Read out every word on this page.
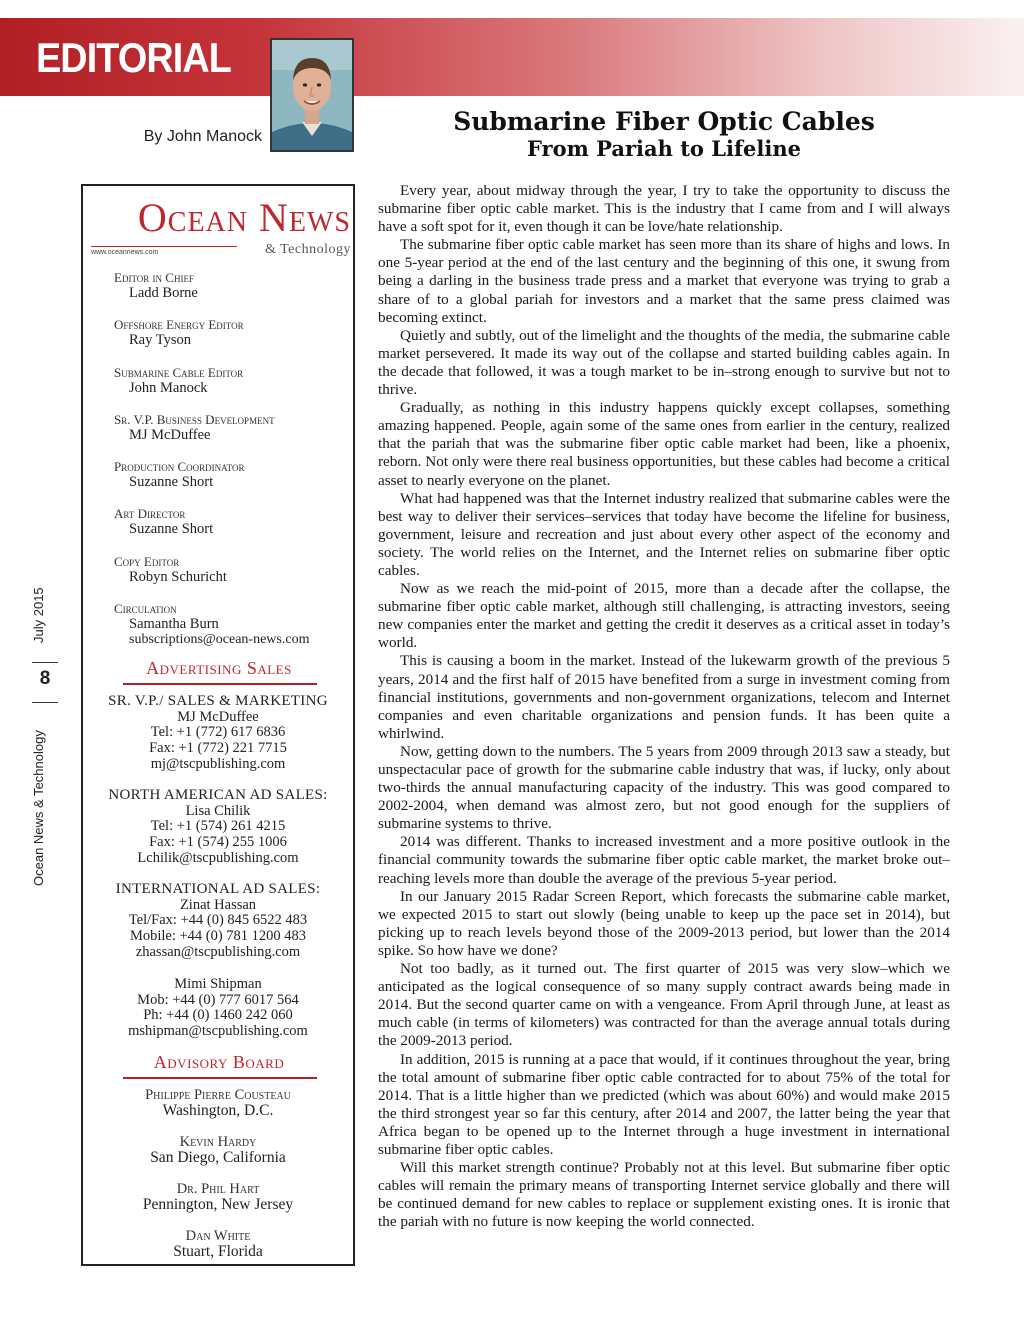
EDITORIAL
By John Manock
Submarine Fiber Optic Cables
From Pariah to Lifeline
Ocean News
www.oceannews.com	& Technology
Editor in Chief
Ladd Borne
Offshore Energy Editor
Ray Tyson
Submarine Cable Editor
John Manock
Sr. V.P. Business Development
MJ McDuffee
Production Coordinator
Suzanne Short
Art Director
Suzanne Short
Copy Editor
Robyn Schuricht
Circulation
Samantha Burn
subscriptions@ocean-news.com
Advertising Sales
SR. V.P./ SALES & MARKETING
MJ McDuffee
Tel: +1 (772) 617 6836
Fax: +1 (772) 221 7715
mj@tscpublishing.com
NORTH AMERICAN AD SALES:
Lisa Chilik
Tel: +1 (574) 261 4215
Fax: +1 (574) 255 1006
Lchilik@tscpublishing.com
INTERNATIONAL AD SALES:
Zinat Hassan
Tel/Fax: +44 (0) 845 6522 483
Mobile: +44 (0) 781 1200 483
zhassan@tscpublishing.com
Mimi Shipman
Mob: +44 (0) 777 6017 564
Ph: +44 (0) 1460 242 060
mshipman@tscpublishing.com
Advisory Board
Philippe Pierre Cousteau
Washington, D.C.
Kevin Hardy
San Diego, California
Dr. Phil Hart
Pennington, New Jersey
Dan White
Stuart, Florida
July 2015
8
Ocean News & Technology

Every year, about midway through the year, I try to take the opportunity to discuss the submarine fiber optic cable market. This is the industry that I came from and I will always have a soft spot for it, even though it can be love/hate relationship.

The submarine fiber optic cable market has seen more than its share of highs and lows. In one 5-year period at the end of the last century and the beginning of this one, it swung from being a darling in the business trade press and a market that everyone was trying to grab a share of to a global pariah for investors and a market that the same press claimed was becoming extinct.

Quietly and subtly, out of the limelight and the thoughts of the media, the submarine cable market persevered. It made its way out of the collapse and started building cables again. In the decade that followed, it was a tough market to be in–strong enough to survive but not to thrive.

Gradually, as nothing in this industry happens quickly except collapses, something amazing happened. People, again some of the same ones from earlier in the century, realized that the pariah that was the submarine fiber optic cable market had been, like a phoenix, reborn. Not only were there real business opportunities, but these cables had become a critical asset to nearly everyone on the planet.

What had happened was that the Internet industry realized that submarine cables were the best way to deliver their services–services that today have become the lifeline for business, government, leisure and recreation and just about every other aspect of the economy and society. The world relies on the Internet, and the Internet relies on submarine fiber optic cables.

Now as we reach the mid-point of 2015, more than a decade after the collapse, the submarine fiber optic cable market, although still challenging, is attracting investors, seeing new companies enter the market and getting the credit it deserves as a critical asset in today’s world.

This is causing a boom in the market. Instead of the lukewarm growth of the previous 5 years, 2014 and the first half of 2015 have benefited from a surge in investment coming from financial institutions, governments and non-government organizations, telecom and Internet companies and even charitable organizations and pension funds. It has been quite a whirlwind.

Now, getting down to the numbers. The 5 years from 2009 through 2013 saw a steady, but unspectacular pace of growth for the submarine cable industry that was, if lucky, only about two-thirds the annual manufacturing capacity of the industry. This was good compared to 2002-2004, when demand was almost zero, but not good enough for the suppliers of submarine systems to thrive.

2014 was different. Thanks to increased investment and a more positive outlook in the financial community towards the submarine fiber optic cable market, the market broke out–reaching levels more than double the average of the previous 5-year period.

In our January 2015 Radar Screen Report, which forecasts the submarine cable market, we expected 2015 to start out slowly (being unable to keep up the pace set in 2014), but picking up to reach levels beyond those of the 2009-2013 period, but lower than the 2014 spike. So how have we done?

Not too badly, as it turned out. The first quarter of 2015 was very slow–which we anticipated as the logical consequence of so many supply contract awards being made in 2014. But the second quarter came on with a vengeance. From April through June, at least as much cable (in terms of kilometers) was contracted for than the average annual totals during the 2009-2013 period.

In addition, 2015 is running at a pace that would, if it continues throughout the year, bring the total amount of submarine fiber optic cable contracted for to about 75% of the total for 2014. That is a little higher than we predicted (which was about 60%) and would make 2015 the third strongest year so far this century, after 2014 and 2007, the latter being the year that Africa began to be opened up to the Internet through a huge investment in international submarine fiber optic cables.

Will this market strength continue? Probably not at this level. But submarine fiber optic cables will remain the primary means of transporting Internet service globally and there will be continued demand for new cables to replace or supplement existing ones. It is ironic that the pariah with no future is now keeping the world connected.
